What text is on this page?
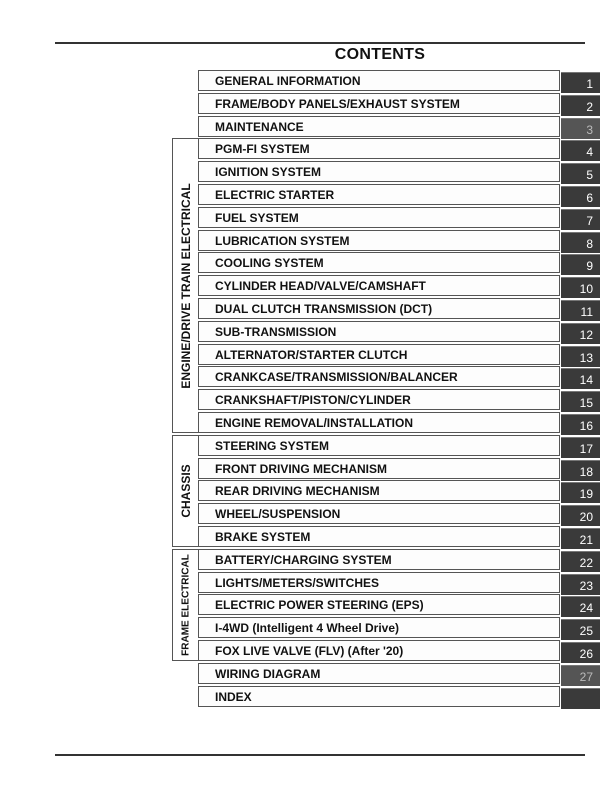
CONTENTS
GENERAL INFORMATION	1
FRAME/BODY PANELS/EXHAUST SYSTEM	2
MAINTENANCE	3
PGM-FI SYSTEM	4
IGNITION SYSTEM	5
ELECTRIC STARTER	6
FUEL SYSTEM	7
LUBRICATION SYSTEM	8
COOLING SYSTEM	9
CYLINDER HEAD/VALVE/CAMSHAFT	10
DUAL CLUTCH TRANSMISSION (DCT)	11
SUB-TRANSMISSION	12
ALTERNATOR/STARTER CLUTCH	13
CRANKCASE/TRANSMISSION/BALANCER	14
CRANKSHAFT/PISTON/CYLINDER	15
ENGINE REMOVAL/INSTALLATION	16
STEERING SYSTEM	17
FRONT DRIVING MECHANISM	18
REAR DRIVING MECHANISM	19
WHEEL/SUSPENSION	20
BRAKE SYSTEM	21
BATTERY/CHARGING SYSTEM	22
LIGHTS/METERS/SWITCHES	23
ELECTRIC POWER STEERING (EPS)	24
I-4WD (Intelligent 4 Wheel Drive)	25
FOX LIVE VALVE (FLV) (After '20)	26
WIRING DIAGRAM	27
INDEX
ENGINE/DRIVE TRAIN ELECTRICAL
CHASSIS
FRAME ELECTRICAL
